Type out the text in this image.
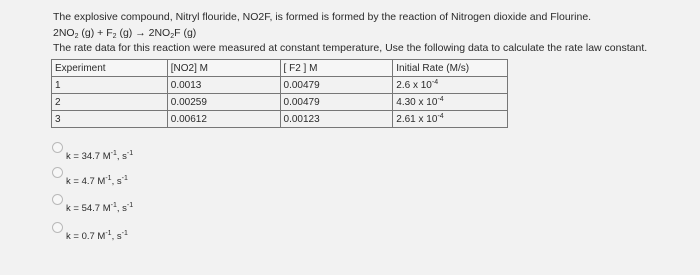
The explosive compound, Nitryl flouride, NO2F, is formed is formed by the reaction of Nitrogen dioxide and Flourine.
$2NO_2$ $(g) + F_2$ $(g) \to 2NO_2F$ (g)
The rate data for this reaction were measured at constant temperature, Use the following data to calculate the rate law constant.
Experiment	[NO2] M	[ F2 ] M	Initial Rate (M/s)
1	0.0013	0.00479	2.6 x $10^{-4}$
2	0.00259	0.00479	4.30 x $10^{-4}$
3	0.00612	0.00123	2.61 x $10^{-4}$
k = 34.7 $M^{-1}$, $s^{-1}$
k = 4.7 $M^{-1}$, $s^{-1}$
k = 54.7 $M^{-1}$, $s^{-1}$
k = 0.7 $M^{-1}$, $s^{-1}$
